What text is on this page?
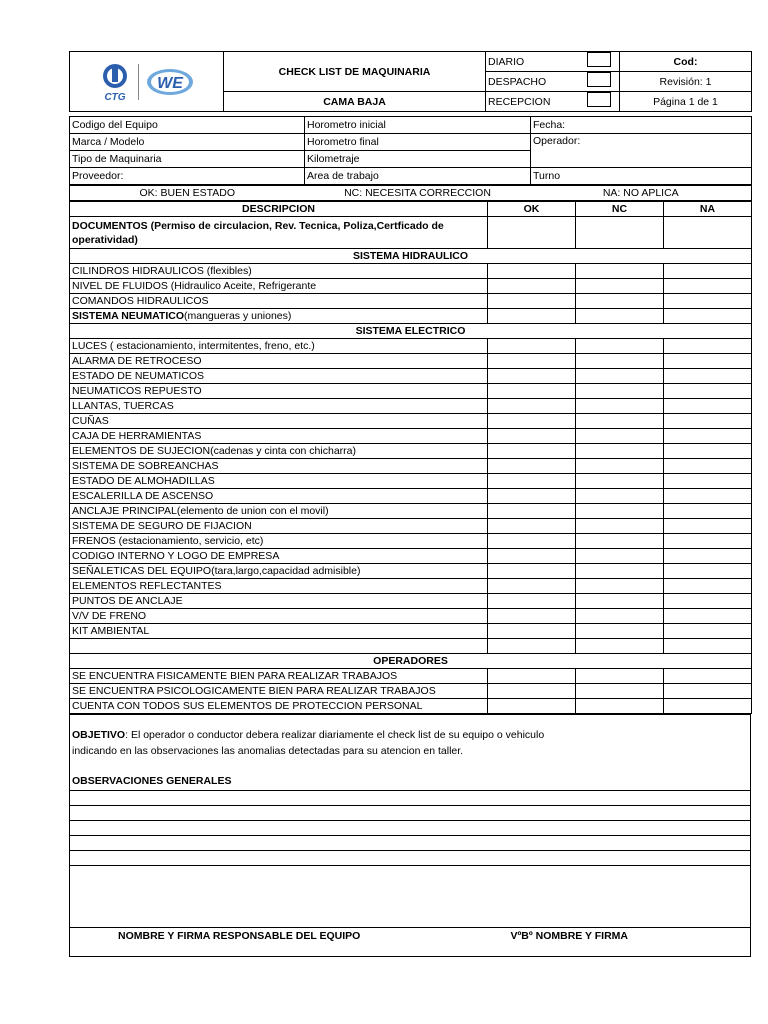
CTG
WE	CHECK LIST DE MAQUINARIA	DIARIO		Cod:
		DESPACHO		Revisión: 1
	CAMA BAJA	RECEPCION		Página 1 de 1
Codigo del Equipo	Horometro inicial	Fecha:
Marca / Modelo	Horometro final	Operador:
Tipo de Maquinaria	Kilometraje	
Proveedor:	Area de trabajo	Turno
OK: BUEN ESTADO	NC: NECESITA CORRECCION	NA: NO APLICA
DESCRIPCION	OK	NC	NA
DOCUMENTOS (Permiso de circulacion, Rev. Tecnica, Poliza,Certficado de operatividad)			
SISTEMA HIDRAULICO			
CILINDROS HIDRAULICOS (flexibles)			
NIVEL DE FLUIDOS (Hidraulico Aceite, Refrigerante			
COMANDOS HIDRAULICOS			
SISTEMA NEUMATICO(mangueras y uniones)			
SISTEMA ELECTRICO			
LUCES ( estacionamiento, intermitentes, freno, etc.)			
ALARMA DE RETROCESO			
ESTADO DE NEUMATICOS			
NEUMATICOS REPUESTO			
LLANTAS, TUERCAS			
CUÑAS			
CAJA DE HERRAMIENTAS			
ELEMENTOS DE SUJECION(cadenas y cinta con chicharra)			
SISTEMA DE SOBREANCHAS			
ESTADO DE ALMOHADILLAS			
ESCALERILLA DE ASCENSO			
ANCLAJE PRINCIPAL(elemento de union con el movil)			
SISTEMA DE SEGURO DE FIJACION			
FRENOS (estacionamiento, servicio, etc)			
CODIGO INTERNO Y LOGO DE EMPRESA			
SEÑALETICAS DEL EQUIPO(tara,largo,capacidad admisible)			
ELEMENTOS REFLECTANTES			
PUNTOS DE ANCLAJE			
V/V DE FRENO			
KIT AMBIENTAL			

OPERADORES			
SE ENCUENTRA FISICAMENTE BIEN PARA REALIZAR TRABAJOS			
SE ENCUENTRA PSICOLOGICAMENTE BIEN PARA REALIZAR TRABAJOS			
CUENTA CON TODOS SUS ELEMENTOS DE PROTECCION PERSONAL			
OBJETIVO: El operador o conductor debera realizar diariamente el check list de su equipo o vehiculo
indicando en las observaciones las anomalias detectadas para su atencion en taller.
OBSERVACIONES GENERALES

NOMBRE Y FIRMA RESPONSABLE DEL EQUIPO	VºBº NOMBRE Y FIRMA
